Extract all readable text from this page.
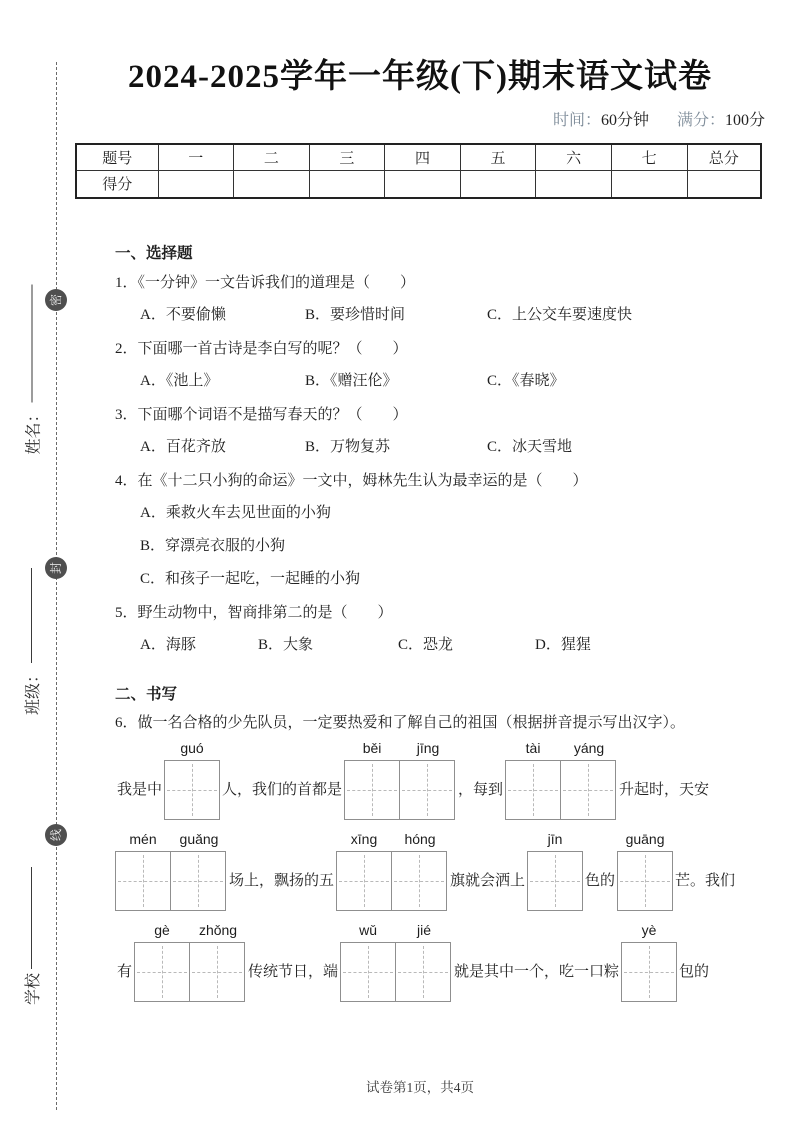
密
封
线
姓名：
班级：
学校
2024-2025学年一年级(下)期末语文试卷
时间：60分钟 满分：100分
题号	一	二	三	四	五	六	七	总分
得分								
一、选择题
1．《一分钟》一文告诉我们的道理是（　　）
A．不要偷懒	B．要珍惜时间	C．上公交车要速度快
2．下面哪一首古诗是李白写的呢？（　　）
A．《池上》	B．《赠汪伦》	C．《春晓》
3．下面哪个词语不是描写春天的？（　　）
A．百花齐放	B．万物复苏	C．冰天雪地
4．在《十二只小狗的命运》一文中，姆林先生认为最幸运的是（　　）
A．乘救火车去见世面的小狗
B．穿漂亮衣服的小狗
C．和孩子一起吃，一起睡的小狗
5．野生动物中，智商排第二的是（　　）
A．海豚	B．大象	C．恐龙	D．猩猩
二、书写
6．做一名合格的少先队员，一定要热爱和了解自己的祖国（根据拼音提示写出汉字）。
我是中
guó
人，我们的首都是
běi	jīng
，每到
tài	yáng
升起时，天安
mén	guǎng
场上，飘扬的五
xīng	hóng
旗就会洒上
jīn
色的
guāng
芒。我们
有
gè	zhǒng
传统节日，端
wǔ	jié
就是其中一个，吃一口粽
yè
包的
试卷第1页，共4页
